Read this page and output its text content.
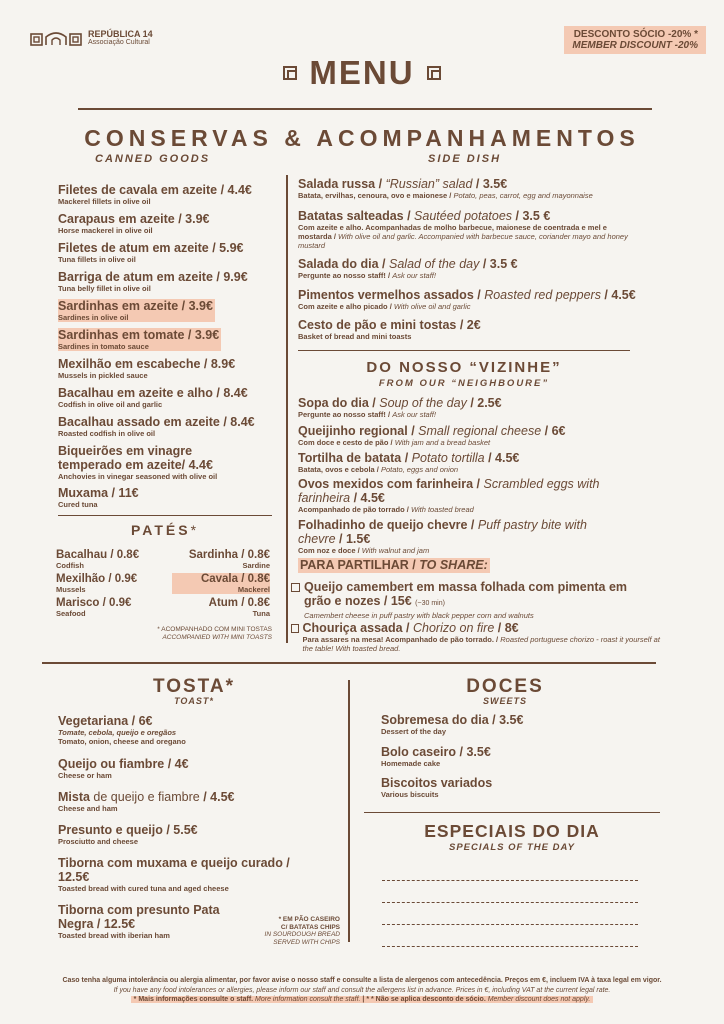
REPÚBLICA 14
Associação Cultural
DESCONTO SÓCIO -20% *
MEMBER DISCOUNT -20%
MENU
CONSERVAS & ACOMPANHAMENTOS
CANNED GOODS	SIDE DISH
DO NOSSO “VIZINHE”
FROM OUR “NEIGHBOURE”
PARA PARTILHAR / TO SHARE:
Queijo camembert em massa folhada com pimenta em
grão e nozes / 15€ (~30 min)
Camembert cheese in puff pastry with black pepper corn and walnuts
Chouriça assada / Chorizo on fire / 8€
Para assares na mesa! Acompanhado de pão torrado. / Roasted portuguese chorizo - roast it yourself at the table! With toasted bread.
PATÉS*
* ACOMPANHADO COM MINI TOSTAS
ACCOMPANIED WITH MINI TOASTS
TOSTA*
TOAST*
* EM PÃO CASEIRO
C/ BATATAS CHIPS
IN SOURDOUGH BREAD
SERVED WITH CHIPS
DOCES
SWEETS
ESPECIAIS DO DIA
SPECIALS OF THE DAY
Caso tenha alguma intolerância ou alergia alimentar, por favor avise o nosso staff e consulte a lista de alergenos com antecedência. Preços em €, incluem IVA à taxa legal em vigor.
If you have any food intolerances or allergies, please inform our staff and consult the allergens list in advance. Prices in €, including VAT at the current legal rate.
* Mais informações consulte o staff. More information consult the staff. | * * Não se aplica desconto de sócio. Member discount does not apply.
Filetes de cavala em azeite / 4.4€
Mackerel fillets in olive oil
Carapaus em azeite / 3.9€
Horse mackerel in olive oil
Filetes de atum em azeite / 5.9€
Tuna fillets in olive oil
Barriga de atum em azeite / 9.9€
Tuna belly fillet in olive oil
Sardinhas em azeite / 3.9€
Sardines in olive oil
Sardinhas em tomate / 3.9€
Sardines in tomato sauce
Mexilhão em escabeche / 8.9€
Mussels in pickled sauce
Bacalhau em azeite e alho / 8.4€
Codfish in olive oil and garlic
Bacalhau assado em azeite / 8.4€
Roasted codfish in olive oil
Biqueirões em vinagre
temperado em azeite/ 4.4€
Anchovies in vinegar seasoned with olive oil
Muxama / 11€
Cured tuna
Salada russa / “Russian” salad / 3.5€
Batata, ervilhas, cenoura, ovo e maionese / Potato, peas, carrot, egg and mayonnaise
Batatas salteadas / Sautéed potatoes / 3.5 €
Com azeite e alho. Acompanhadas de molho barbecue, maionese de coentrada e mel e mostarda / With olive oil and garlic. Accompanied with barbecue sauce, coriander mayo and honey mustard
Salada do dia / Salad of the day / 3.5 €
Pergunte ao nosso staff! / Ask our staff!
Pimentos vermelhos assados / Roasted red peppers / 4.5€
Com azeite e alho picado / With olive oil and garlic
Cesto de pão e mini tostas / 2€
Basket of bread and mini toasts
Sopa do dia / Soup of the day / 2.5€
Pergunte ao nosso staff! / Ask our staff!
Queijinho regional / Small regional cheese / 6€
Com doce e cesto de pão / With jam and a bread basket
Tortilha de batata / Potato tortilla / 4.5€
Batata, ovos e cebola / Potato, eggs and onion
Ovos mexidos com farinheira / Scrambled eggs with
farinheira / 4.5€
Acompanhado de pão torrado / With toasted bread
Folhadinho de queijo chevre / Puff pastry bite with
chevre / 1.5€
Com noz e doce / With walnut and jam
Bacalhau / 0.8€
Codfish
Sardinha / 0.8€
Sardine
Mexilhão / 0.9€
Mussels
Cavala / 0.8€
Mackerel
Marisco / 0.9€
Seafood
Atum / 0.8€
Tuna
Vegetariana / 6€
Tomate, cebola, queijo e oregãos
Tomato, onion, cheese and oregano
Queijo ou fiambre / 4€
Cheese or ham
Mista de queijo e fiambre / 4.5€
Cheese and ham
Presunto e queijo / 5.5€
Prosciutto and cheese
Tiborna com muxama e queijo curado /
12.5€
Toasted bread with cured tuna and aged cheese
Tiborna com presunto Pata
Negra / 12.5€
Toasted bread with iberian ham
Sobremesa do dia / 3.5€
Dessert of the day
Bolo caseiro / 3.5€
Homemade cake
Biscoitos variados
Various biscuits
